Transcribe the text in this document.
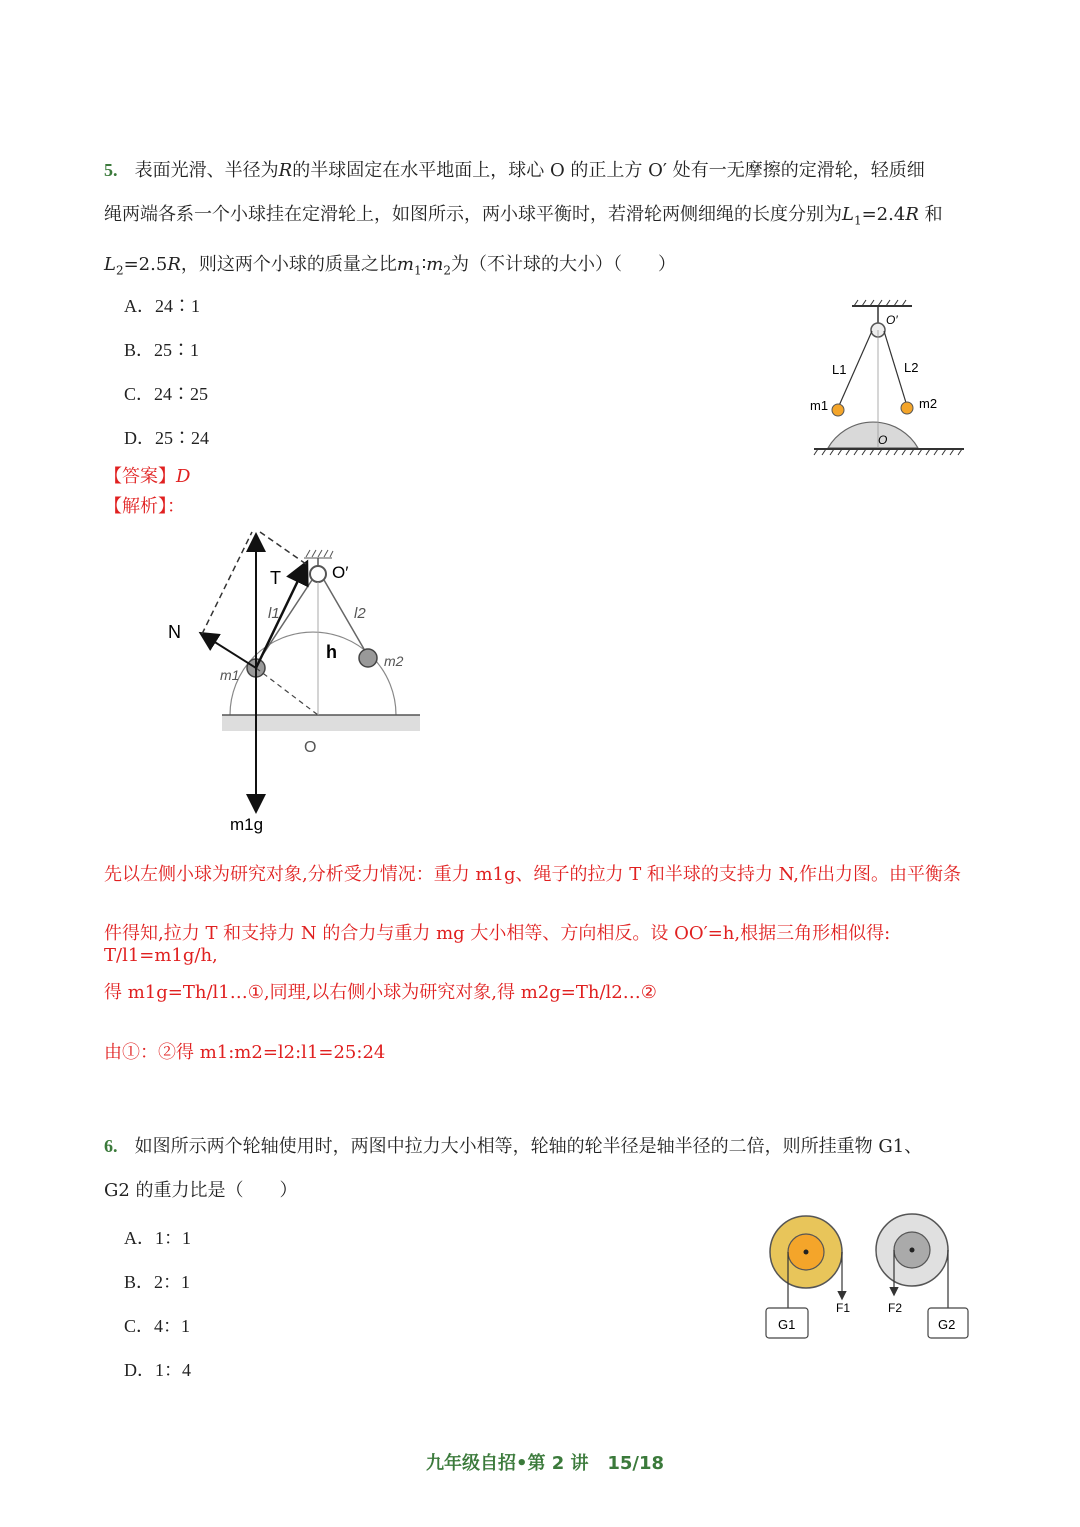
5. 表面光滑、半径为R的半球固定在水平地面上，球心 O 的正上方 O′ 处有一无摩擦的定滑轮，轻质细
绳两端各系一个小球挂在定滑轮上，如图所示，两小球平衡时，若滑轮两侧细绳的长度分别为$L_1=2.4R$ 和
$L_2=2.5R$，则这两个小球的质量之比$m_1∶m_2$为（不计球的大小）（　　）
A．24∶1
B．25∶1
C．24∶25
D．25∶24
O′
L1	L2
m1	m2
O
【答案】D
【解析】：
O′
O
h
l1	l2
m1
m2
T
N
m1g
先以左侧小球为研究对象,分析受力情况：重力 m1g、绳子的拉力 T 和半球的支持力 N,作出力图。由平衡条
件得知,拉力 T 和支持力 N 的合力与重力 mg 大小相等、方向相反。设 OO′=h,根据三角形相似得: T/l1=m1g/h,
得 m1g=Th/l1…①,同理,以右侧小球为研究对象,得 m2g=Th/l2…②
由①：②得 m1:m2=l2:l1=25:24
6. 如图所示两个轮轴使用时，两图中拉力大小相等，轮轴的轮半径是轴半径的二倍，则所挂重物 G1、
G2 的重力比是（　　）
A．1：1
B．2：1
C．4：1
D．1：4
F1
G1
F2
G2
九年级自招•第 2 讲 15/18
